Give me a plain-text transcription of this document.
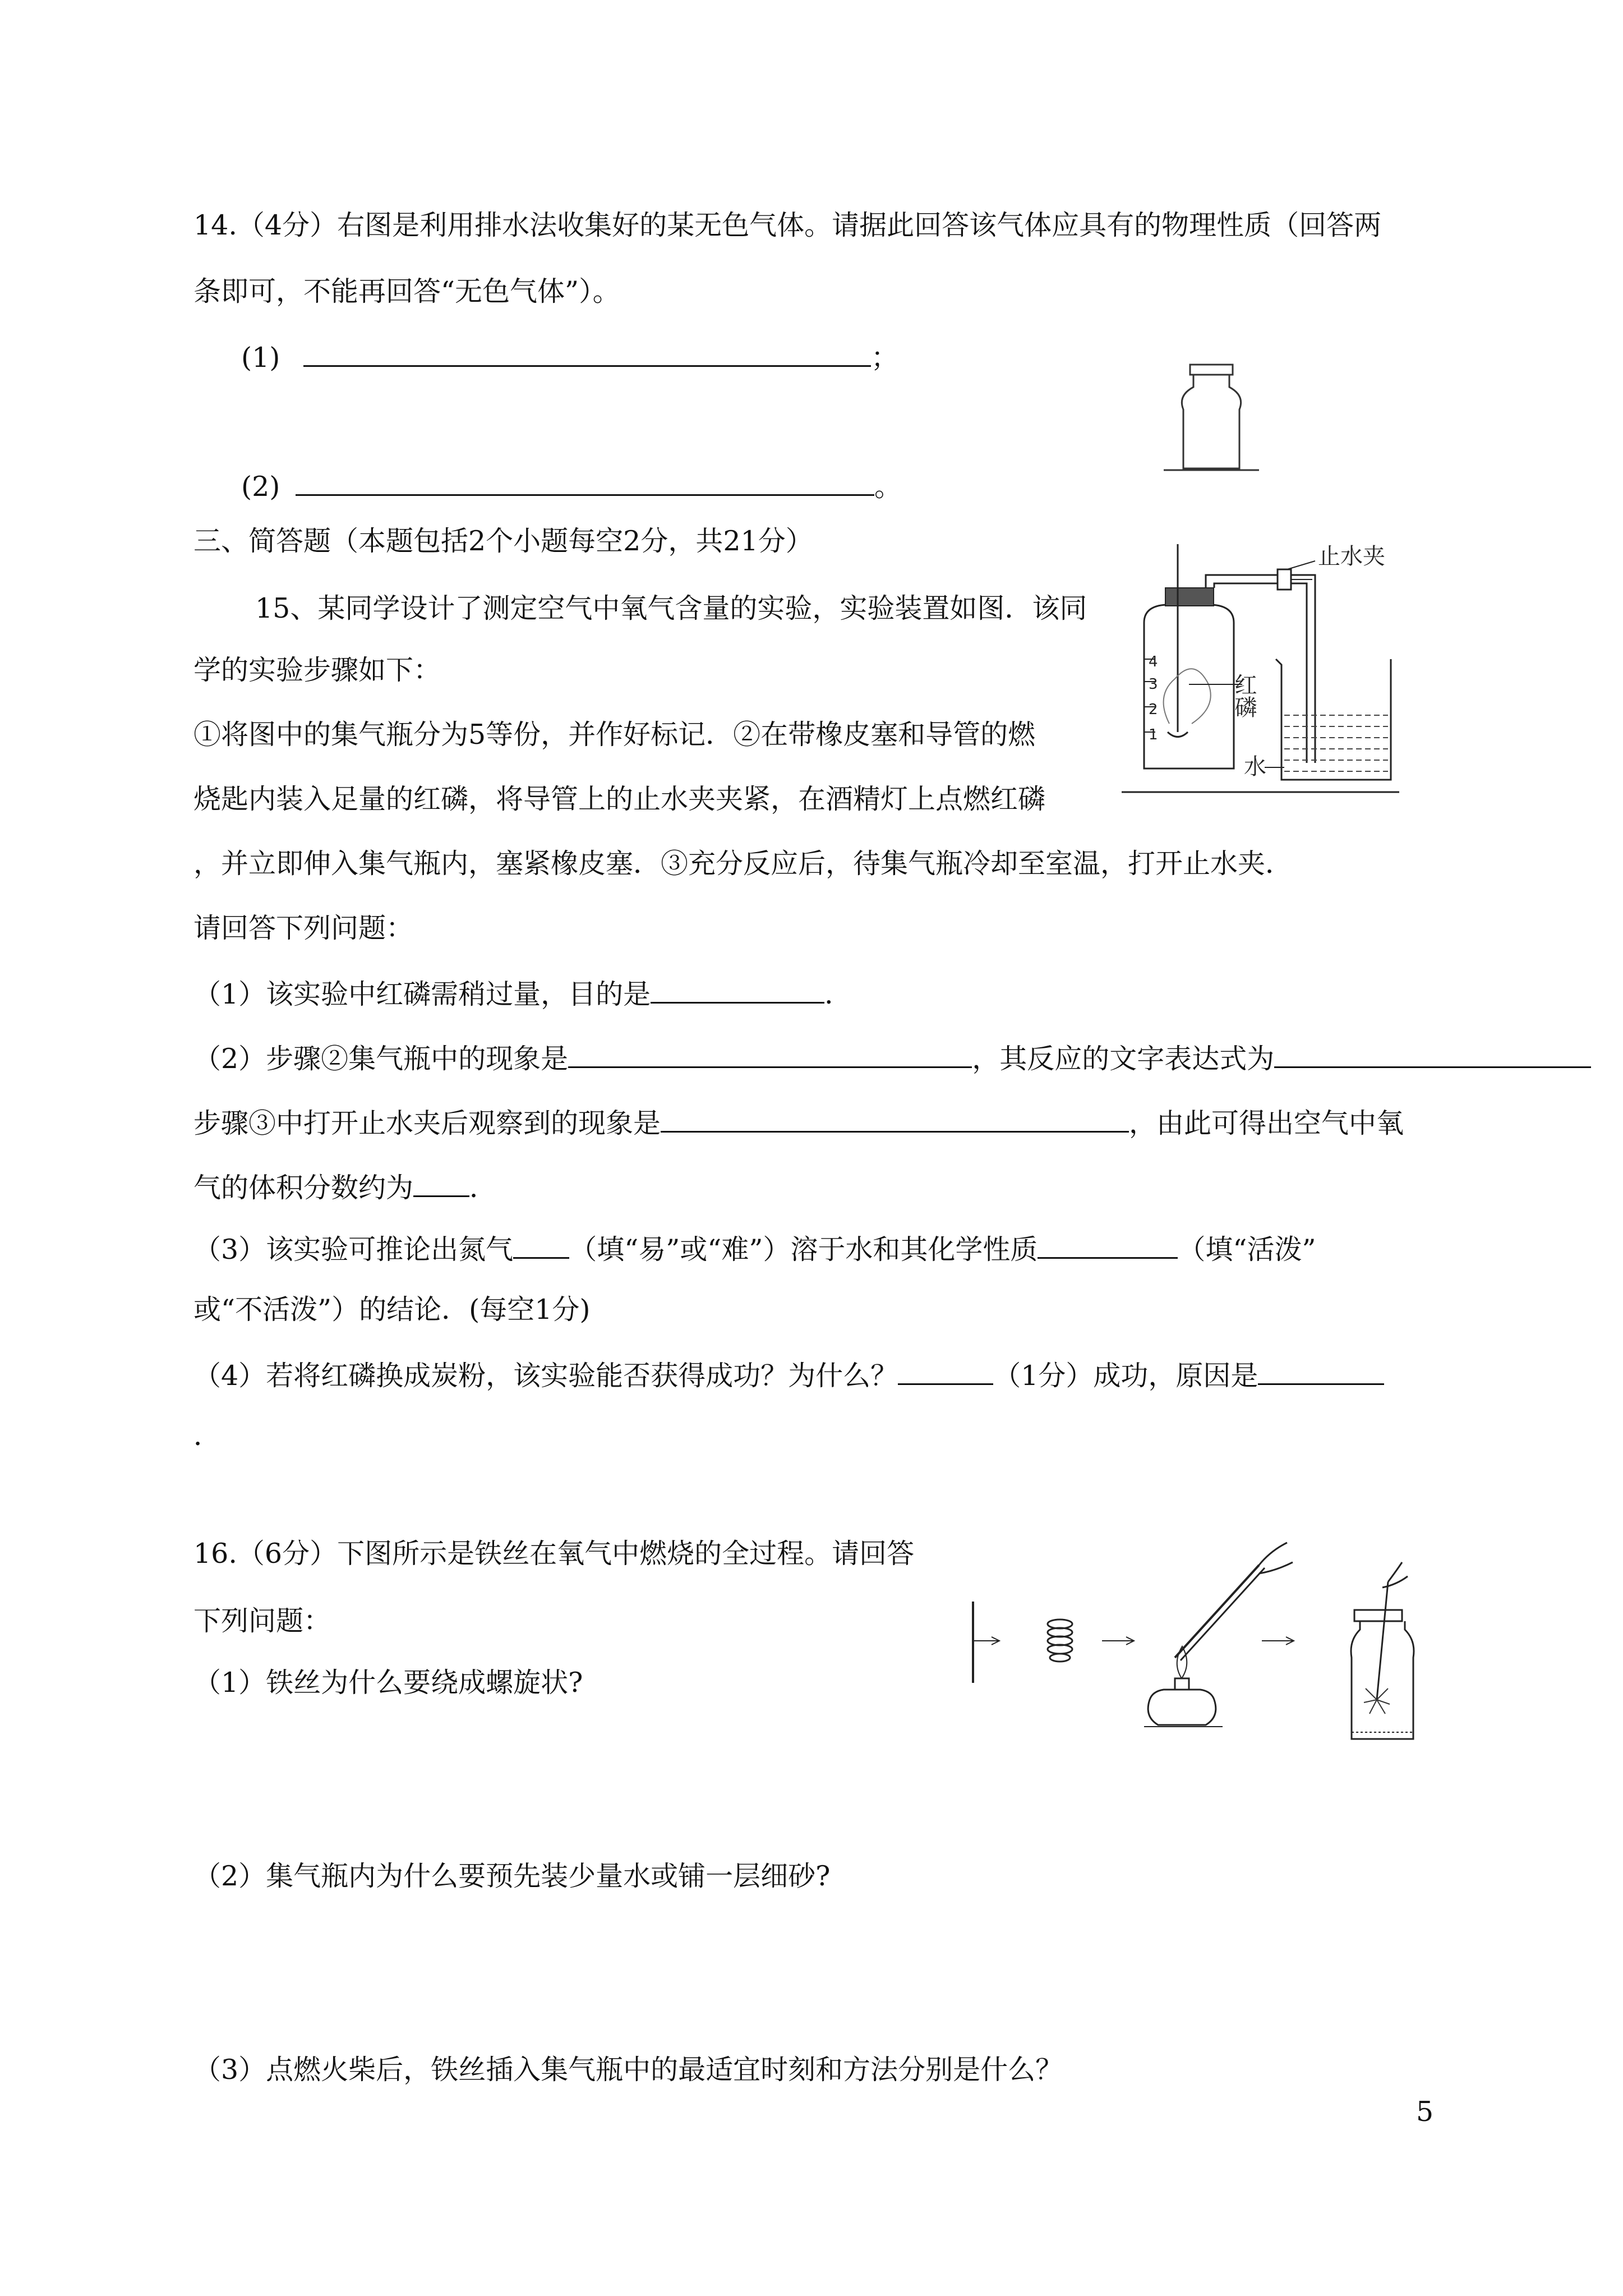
14.（4分）右图是利用排水法收集好的某无色气体。请据此回答该气体应具有的物理性质（回答两
条即可，不能再回答“无色气体”）。
(1)	；
(2)	。
三、简答题（本题包括2个小题每空2分，共21分）
15、某同学设计了测定空气中氧气含量的实验，实验装置如图．该同
学的实验步骤如下：
①将图中的集气瓶分为5等份，并作好标记．②在带橡皮塞和导管的燃
烧匙内装入足量的红磷，将导管上的止水夹夹紧，在酒精灯上点燃红磷
，并立即伸入集气瓶内，塞紧橡皮塞．③充分反应后，待集气瓶冷却至室温，打开止水夹．
请回答下列问题：
（1）该实验中红磷需稍过量，目的是	．
（2）步骤②集气瓶中的现象是	，其反应的文字表达式为
步骤③中打开止水夹后观察到的现象是	，由此可得出空气中氧
气的体积分数约为 ．
（3）该实验可推论出氮气 （填“易”或“难”）溶于水和其化学性质	（填“活泼”
或“不活泼”）的结论．(每空1分)
（4）若将红磷换成炭粉，该实验能否获得成功？为什么？	（1分）成功，原因是
．
4
3
2
1
止水夹
红磷
水
16.（6分）下图所示是铁丝在氧气中燃烧的全过程。请回答
下列问题：
（1）铁丝为什么要绕成螺旋状?
（2）集气瓶内为什么要预先装少量水或铺一层细砂?
（3）点燃火柴后，铁丝插入集气瓶中的最适宜时刻和方法分别是什么？
5
